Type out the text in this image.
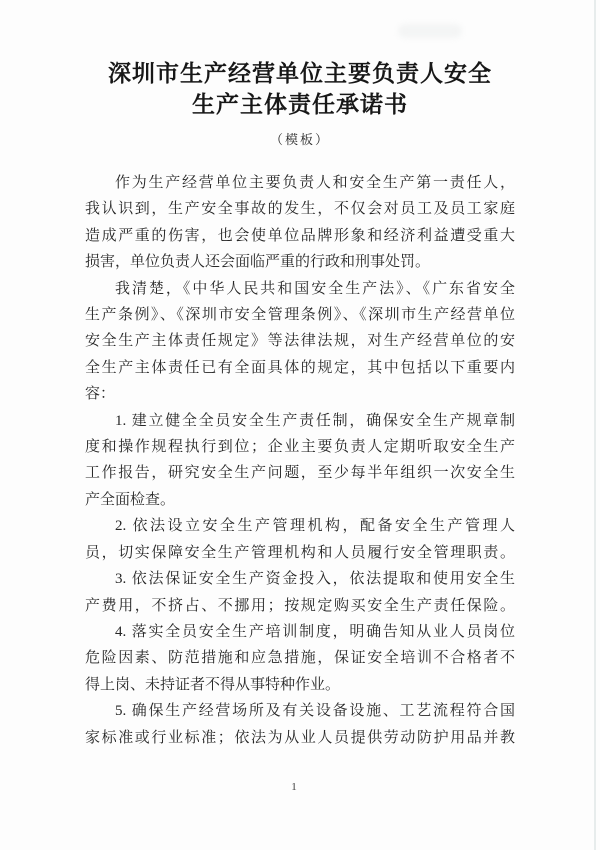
深圳市生产经营单位主要负责人安全
生产主体责任承诺书
（模板）
作为生产经营单位主要负责人和安全生产第一责任人，
我认识到，生产安全事故的发生，不仅会对员工及员工家庭
造成严重的伤害，也会使单位品牌形象和经济利益遭受重大
损害，单位负责人还会面临严重的行政和刑事处罚。
我清楚，《中华人民共和国安全生产法》、《广东省安全
生产条例》、《深圳市安全管理条例》、《深圳市生产经营单位
安全生产主体责任规定》等法律法规，对生产经营单位的安
全生产主体责任已有全面具体的规定，其中包括以下重要内
容：
1. 建立健全全员安全生产责任制，确保安全生产规章制
度和操作规程执行到位；企业主要负责人定期听取安全生产
工作报告，研究安全生产问题，至少每半年组织一次安全生
产全面检查。
2. 依法设立安全生产管理机构，配备安全生产管理人
员，切实保障安全生产管理机构和人员履行安全管理职责。
3. 依法保证安全生产资金投入，依法提取和使用安全生
产费用，不挤占、不挪用；按规定购买安全生产责任保险。
4. 落实全员安全生产培训制度，明确告知从业人员岗位
危险因素、防范措施和应急措施，保证安全培训不合格者不
得上岗、未持证者不得从事特种作业。
5. 确保生产经营场所及有关设备设施、工艺流程符合国
家标准或行业标准；依法为从业人员提供劳动防护用品并教
1
